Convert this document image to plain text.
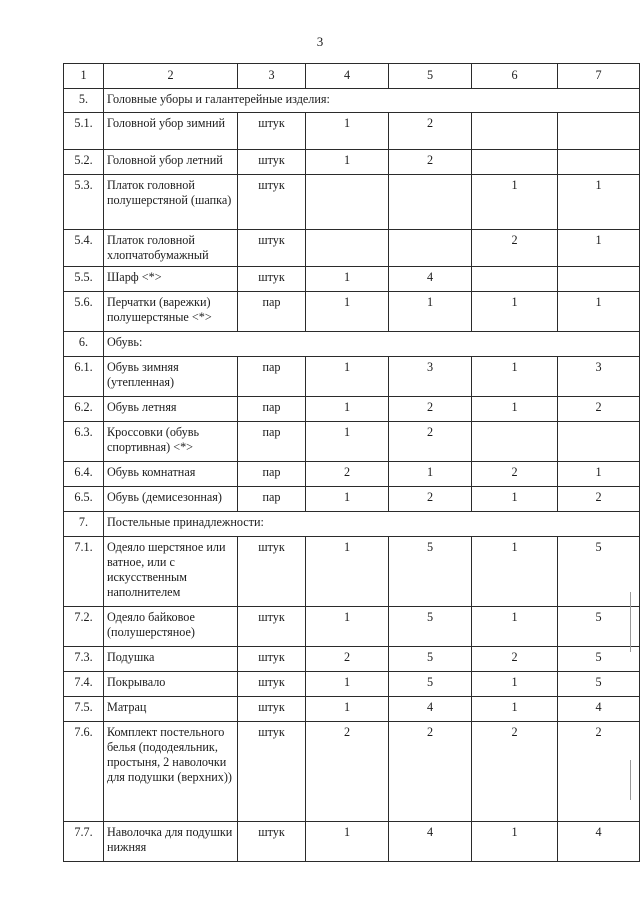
3
1	2	3	4	5	6	7
5.	Головные уборы и галантерейные изделия:					
5.1.	Головной убор зимний	штук	1	2		
5.2.	Головной убор летний	штук	1	2		
5.3.	Платок головной полушерстяной (шапка)	штук			1	1
5.4.	Платок головной хлопчатобумажный	штук			2	1
5.5.	Шарф <*>	штук	1	4		
5.6.	Перчатки (варежки) полушерстяные <*>	пар	1	1	1	1
6.	Обувь:					
6.1.	Обувь зимняя (утепленная)	пар	1	3	1	3
6.2.	Обувь летняя	пар	1	2	1	2
6.3.	Кроссовки (обувь спортивная) <*>	пар	1	2		
6.4.	Обувь комнатная	пар	2	1	2	1
6.5.	Обувь (демисезонная)	пар	1	2	1	2
7.	Постельные принадлежности:					
7.1.	Одеяло шерстяное или ватное, или с искусственным наполнителем	штук	1	5	1	5
7.2.	Одеяло байковое (полушерстяное)	штук	1	5	1	5
7.3.	Подушка	штук	2	5	2	5
7.4.	Покрывало	штук	1	5	1	5
7.5.	Матрац	штук	1	4	1	4
7.6.	Комплект постельного белья (пододеяльник, простыня, 2 наволочки для подушки (верхних))	штук	2	2	2	2
7.7.	Наволочка для подушки нижняя	штук	1	4	1	4
